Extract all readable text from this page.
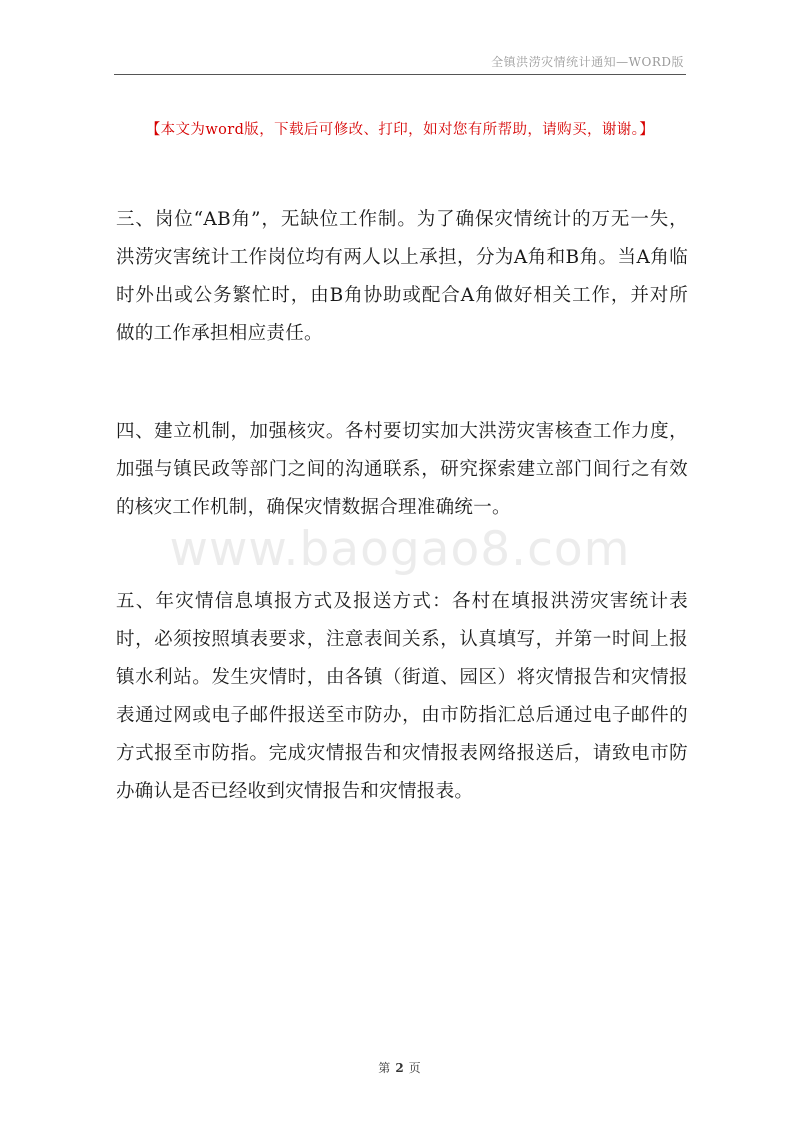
全镇洪涝灾情统计通知—WORD版
【本文为word版，下载后可修改、打印，如对您有所帮助，请购买，谢谢。】

三、岗位“AB角”，无缺位工作制。为了确保灾情统计的万无一失，洪涝灾害统计工作岗位均有两人以上承担，分为A角和B角。当A角临时外出或公务繁忙时，由B角协助或配合A角做好相关工作，并对所做的工作承担相应责任。

四、建立机制，加强核灾。各村要切实加大洪涝灾害核查工作力度，加强与镇民政等部门之间的沟通联系，研究探索建立部门间行之有效的核灾工作机制，确保灾情数据合理准确统一。

www.baogao8.com

五、年灾情信息填报方式及报送方式：各村在填报洪涝灾害统计表时，必须按照填表要求，注意表间关系，认真填写，并第一时间上报镇水利站。发生灾情时，由各镇（街道、园区）将灾情报告和灾情报表通过网或电子邮件报送至市防办，由市防指汇总后通过电子邮件的方式报至市防指。完成灾情报告和灾情报表网络报送后，请致电市防办确认是否已经收到灾情报告和灾情报表。

第 2 页
